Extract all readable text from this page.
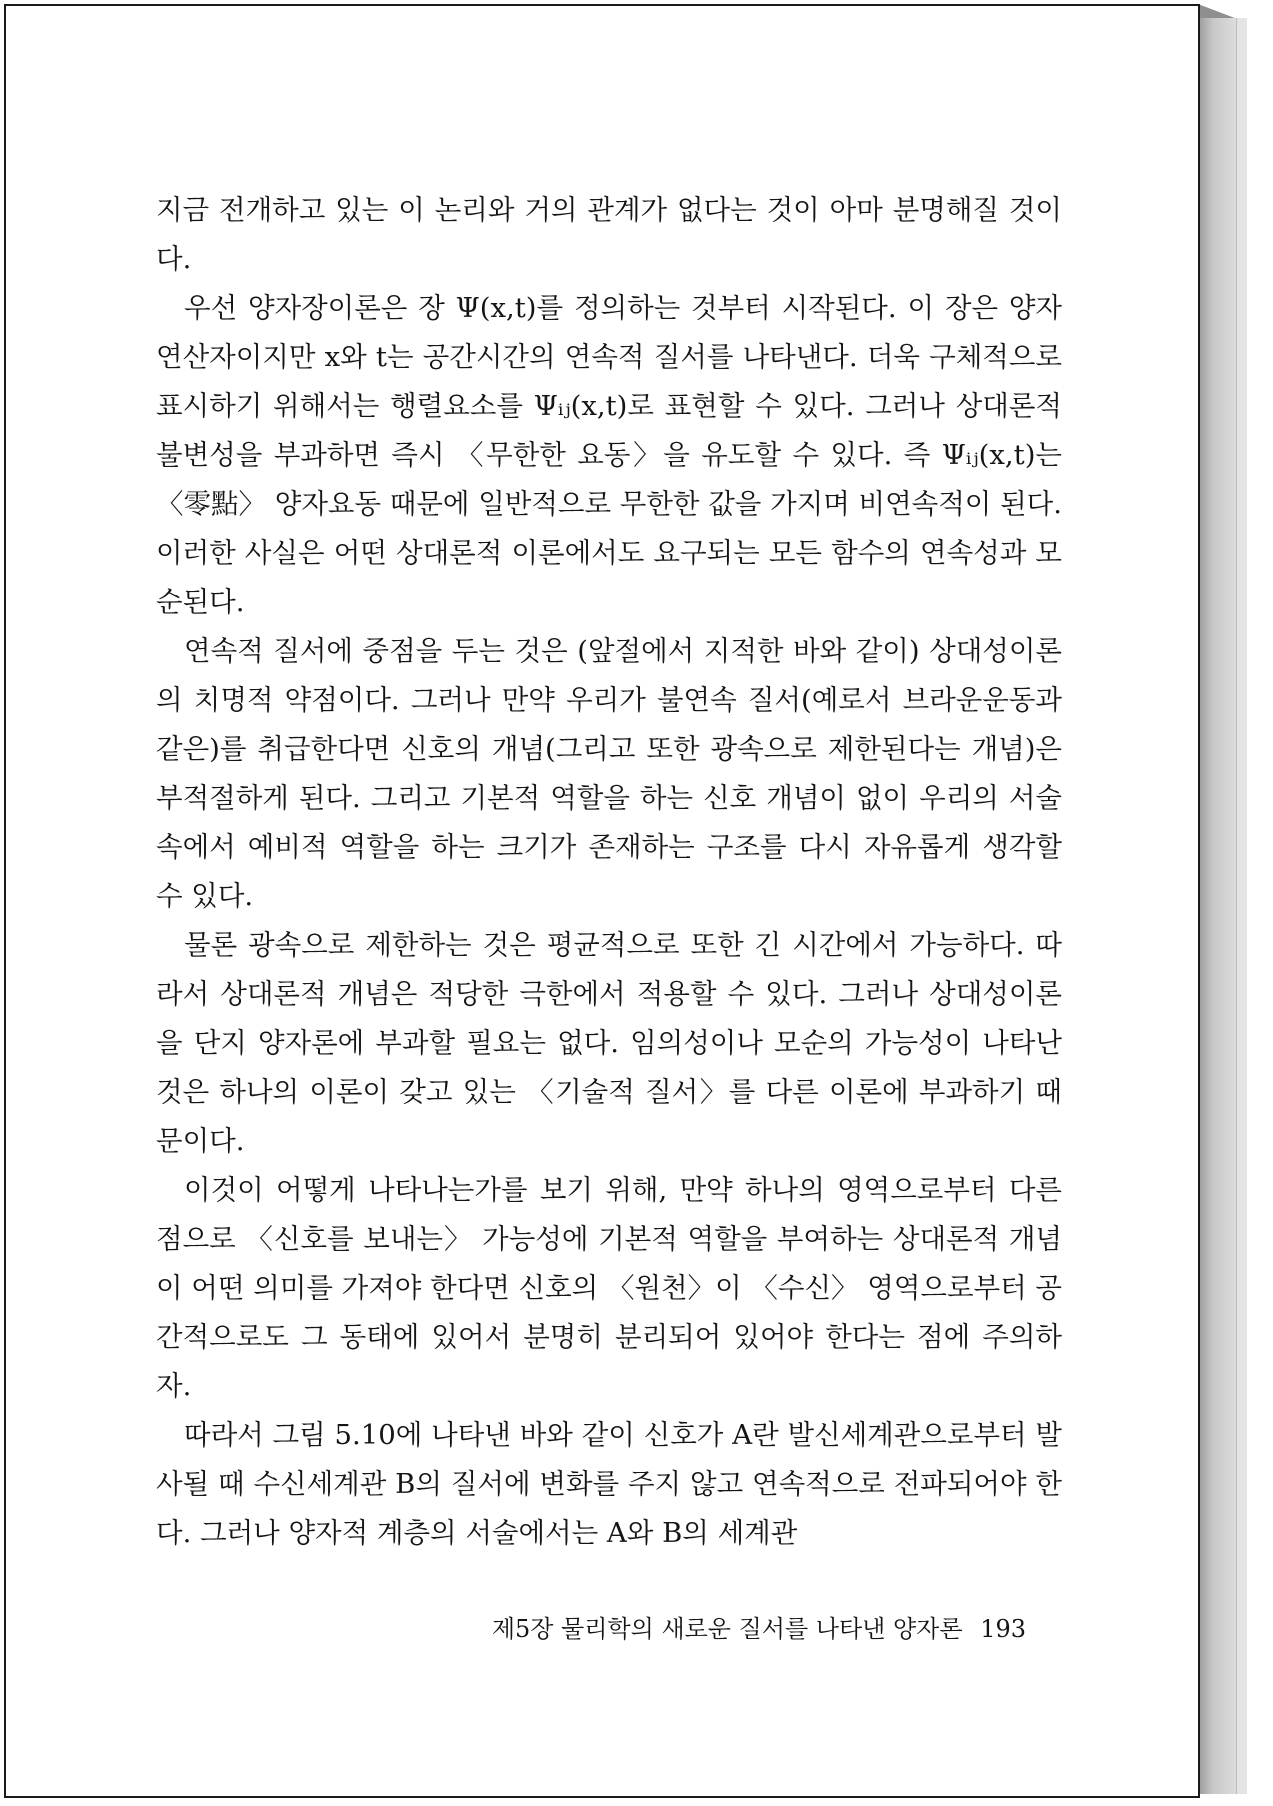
지금 전개하고 있는 이 논리와 거의 관계가 없다는 것이 아마 분명해질 것이다.

우선 양자장이론은 장 Ψ(x,t)를 정의하는 것부터 시작된다. 이 장은 양자연산자이지만 x와 t는 공간시간의 연속적 질서를 나타낸다. 더욱 구체적으로 표시하기 위해서는 행렬요소를 Ψᵢⱼ(x,t)로 표현할 수 있다. 그러나 상대론적 불변성을 부과하면 즉시 〈무한한 요동〉을 유도할 수 있다. 즉 Ψᵢⱼ(x,t)는 〈零點〉 양자요동 때문에 일반적으로 무한한 값을 가지며 비연속적이 된다. 이러한 사실은 어떤 상대론적 이론에서도 요구되는 모든 함수의 연속성과 모순된다.

연속적 질서에 중점을 두는 것은 (앞절에서 지적한 바와 같이) 상대성이론의 치명적 약점이다. 그러나 만약 우리가 불연속 질서(예로서 브라운운동과 같은)를 취급한다면 신호의 개념(그리고 또한 광속으로 제한된다는 개념)은 부적절하게 된다. 그리고 기본적 역할을 하는 신호 개념이 없이 우리의 서술 속에서 예비적 역할을 하는 크기가 존재하는 구조를 다시 자유롭게 생각할 수 있다.

물론 광속으로 제한하는 것은 평균적으로 또한 긴 시간에서 가능하다. 따라서 상대론적 개념은 적당한 극한에서 적용할 수 있다. 그러나 상대성이론을 단지 양자론에 부과할 필요는 없다. 임의성이나 모순의 가능성이 나타난 것은 하나의 이론이 갖고 있는 〈기술적 질서〉를 다른 이론에 부과하기 때문이다.

이것이 어떻게 나타나는가를 보기 위해, 만약 하나의 영역으로부터 다른 점으로 〈신호를 보내는〉 가능성에 기본적 역할을 부여하는 상대론적 개념이 어떤 의미를 가져야 한다면 신호의 〈원천〉이 〈수신〉 영역으로부터 공간적으로도 그 동태에 있어서 분명히 분리되어 있어야 한다는 점에 주의하자.

따라서 그림 5.10에 나타낸 바와 같이 신호가 A란 발신세계관으로부터 발사될 때 수신세계관 B의 질서에 변화를 주지 않고 연속적으로 전파되어야 한다. 그러나 양자적 계층의 서술에서는 A와 B의 세계관

제5장 물리학의 새로운 질서를 나타낸 양자론 193
